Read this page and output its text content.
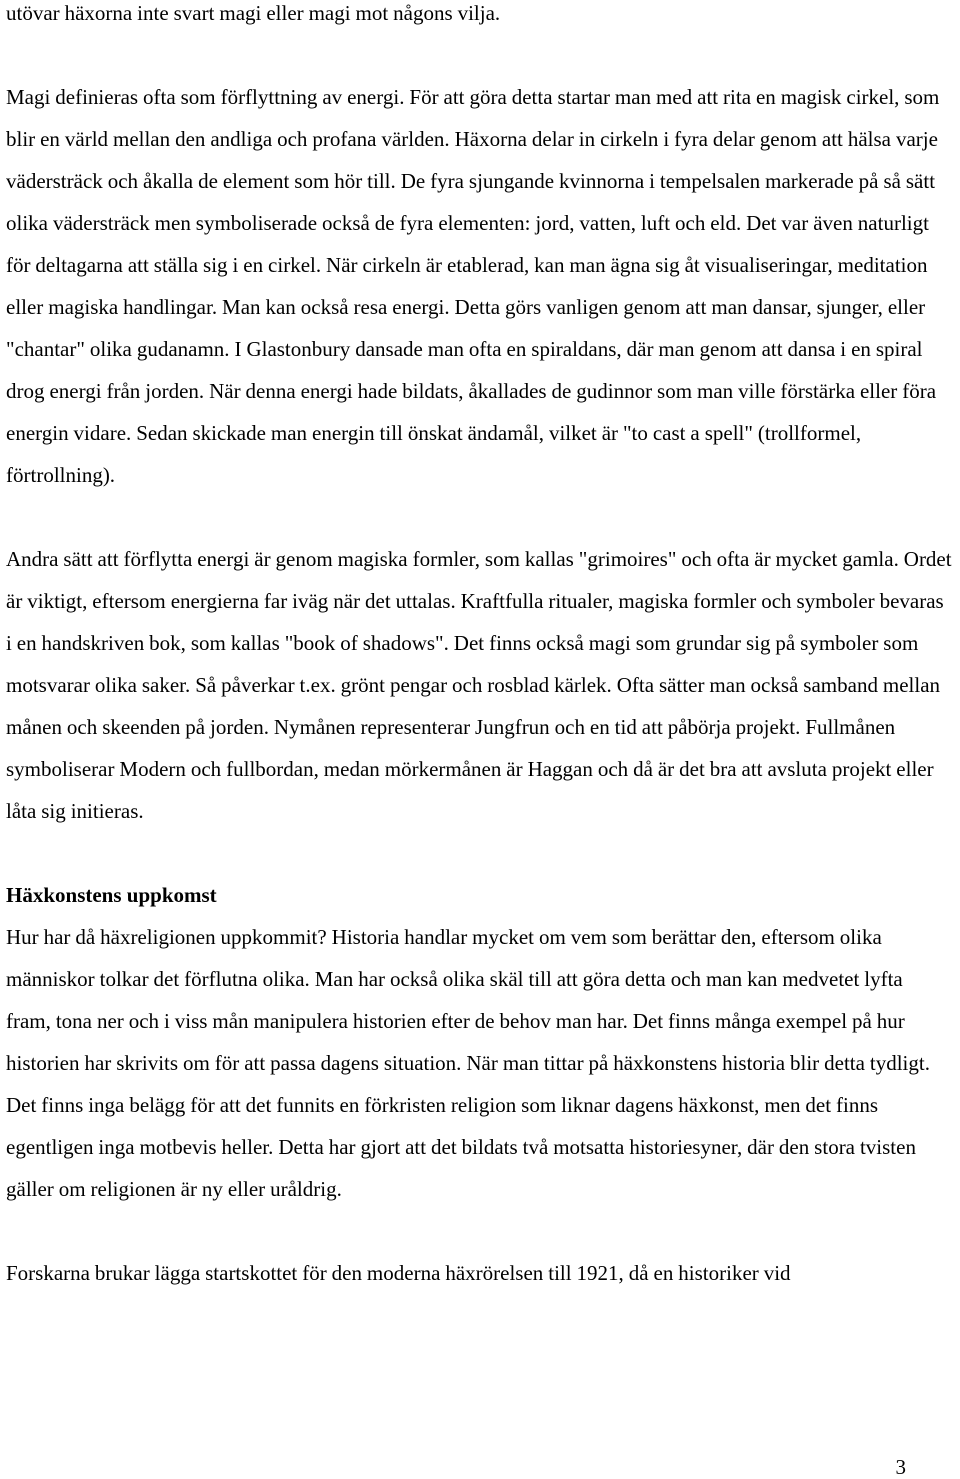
utövar häxorna inte svart magi eller magi mot någons vilja.

Magi definieras ofta som förflyttning av energi. För att göra detta startar man med att rita en magisk cirkel, som blir en värld mellan den andliga och profana världen. Häxorna delar in cirkeln i fyra delar genom att hälsa varje vädersträck och åkalla de element som hör till. De fyra sjungande kvinnorna i tempelsalen markerade på så sätt olika vädersträck men symboliserade också de fyra elementen: jord, vatten, luft och eld. Det var även naturligt för deltagarna att ställa sig i en cirkel. När cirkeln är etablerad, kan man ägna sig åt visualiseringar, meditation eller magiska handlingar. Man kan också resa energi. Detta görs vanligen genom att man dansar, sjunger, eller "chantar" olika gudanamn. I Glastonbury dansade man ofta en spiraldans, där man genom att dansa i en spiral drog energi från jorden. När denna energi hade bildats, åkallades de gudinnor som man ville förstärka eller föra energin vidare. Sedan skickade man energin till önskat ändamål, vilket är "to cast a spell" (trollformel, förtrollning).

Andra sätt att förflytta energi är genom magiska formler, som kallas "grimoires" och ofta är mycket gamla. Ordet är viktigt, eftersom energierna far iväg när det uttalas. Kraftfulla ritualer, magiska formler och symboler bevaras i en handskriven bok, som kallas "book of shadows". Det finns också magi som grundar sig på symboler som motsvarar olika saker. Så påverkar t.ex. grönt pengar och rosblad kärlek. Ofta sätter man också samband mellan månen och skeenden på jorden. Nymånen representerar Jungfrun och en tid att påbörja projekt. Fullmånen symboliserar Modern och fullbordan, medan mörkermånen är Haggan och då är det bra att avsluta projekt eller låta sig initieras.

Häxkonstens uppkomst

Hur har då häxreligionen uppkommit? Historia handlar mycket om vem som berättar den, eftersom olika människor tolkar det förflutna olika. Man har också olika skäl till att göra detta och man kan medvetet lyfta fram, tona ner och i viss mån manipulera historien efter de behov man har. Det finns många exempel på hur historien har skrivits om för att passa dagens situation. När man tittar på häxkonstens historia blir detta tydligt. Det finns inga belägg för att det funnits en förkristen religion som liknar dagens häxkonst, men det finns egentligen inga motbevis heller. Detta har gjort att det bildats två motsatta historiesyner, där den stora tvisten gäller om religionen är ny eller uråldrig.

Forskarna brukar lägga startskottet för den moderna häxrörelsen till 1921, då en historiker vid

3
